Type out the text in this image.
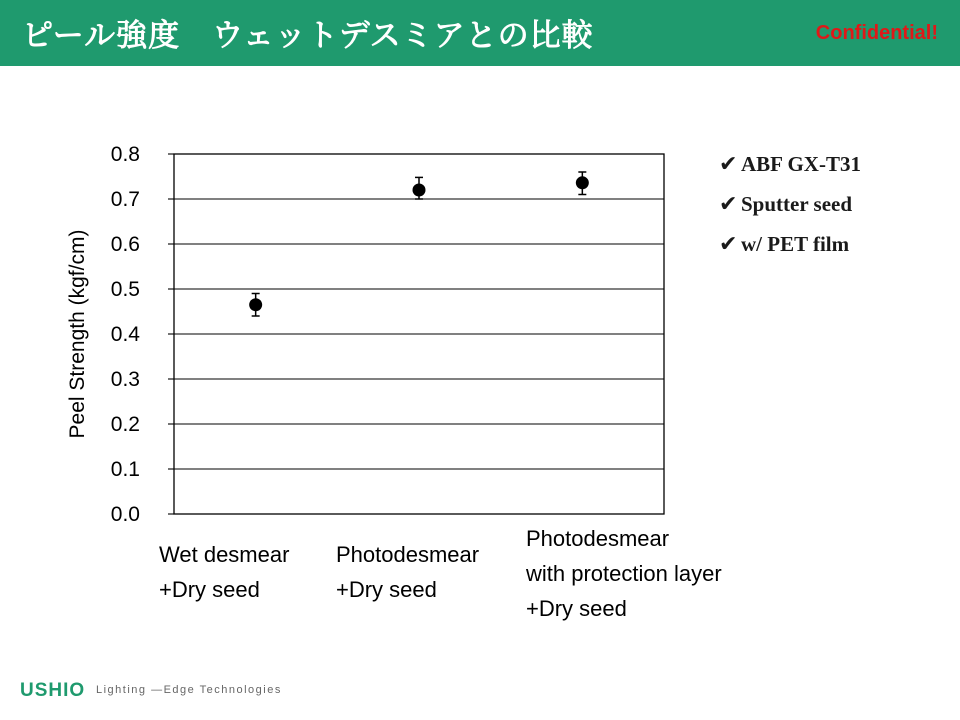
ピール強度　ウェットデスミアとの比較	Confidential!
0.0
0.1
0.2
0.3
0.4
0.5
0.6
0.7
0.8
Peel Strength (kgf/cm)
Wet desmear
+Dry seed
Photodesmear
+Dry seed
Photodesmear
with protection layer
+Dry seed
✔ ABF GX-T31
✔ Sputter seed
✔ w/ PET film
USHIO Lighting —Edge Technologies
